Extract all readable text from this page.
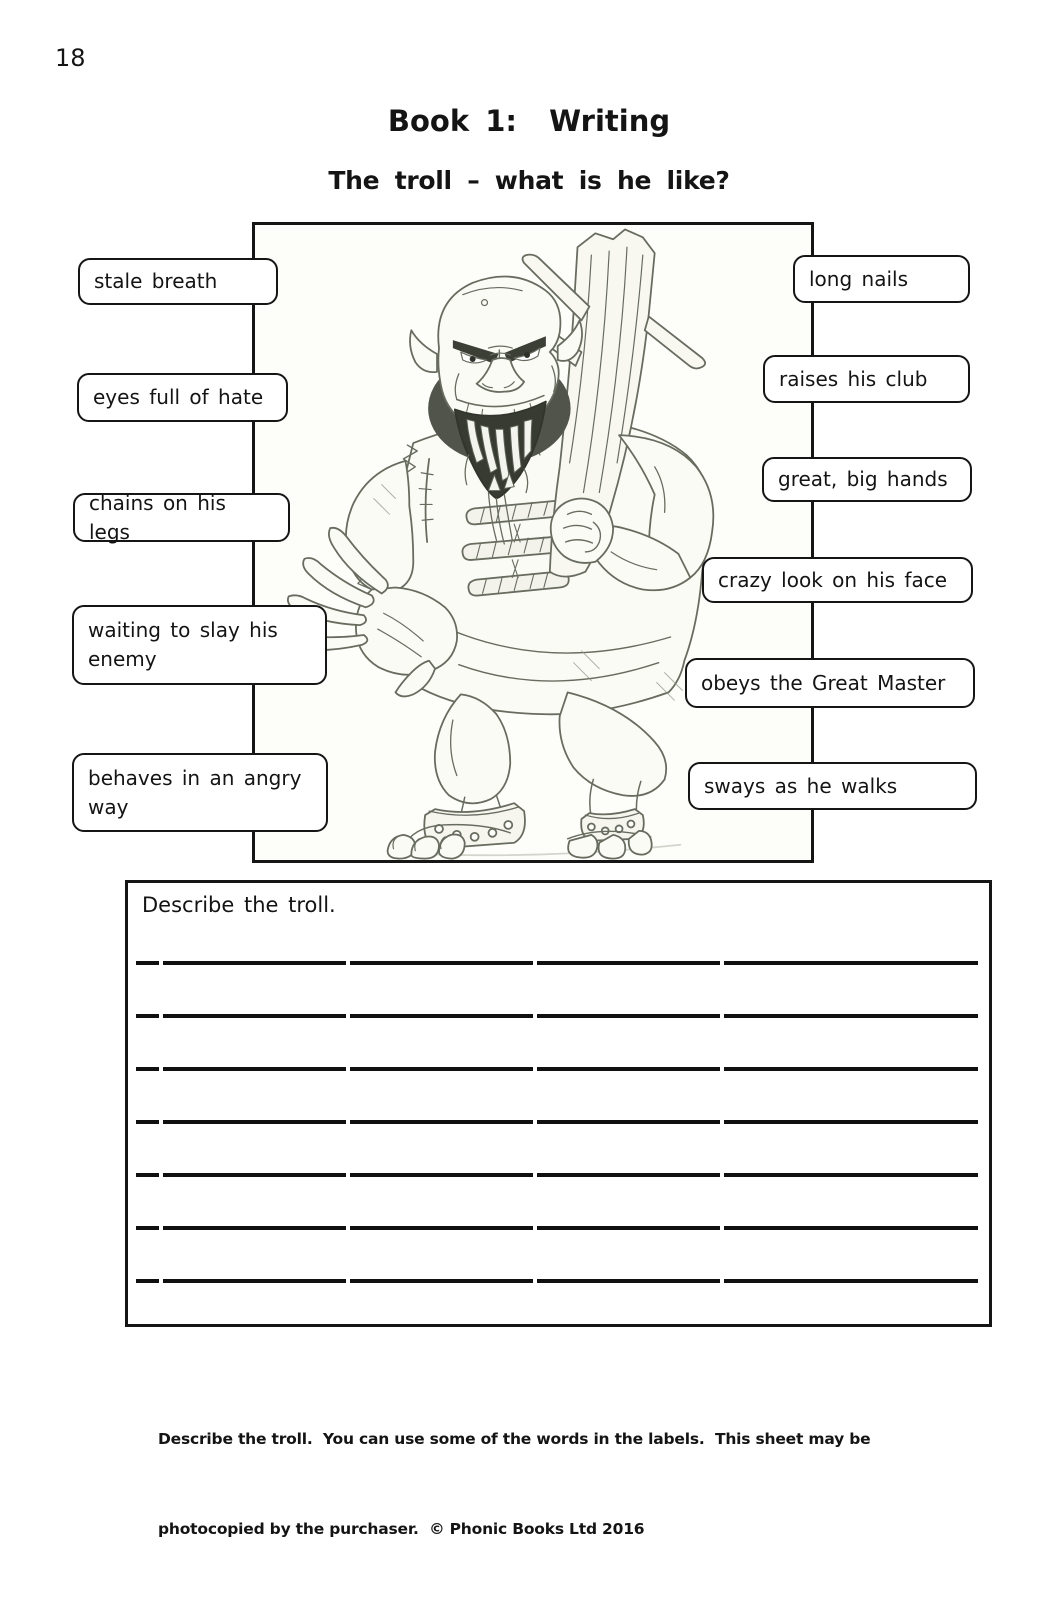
18
Book 1:  Writing
The troll – what is he like?
stale breath
eyes full of hate
chains on his legs
waiting to slay his enemy
behaves in an angry way
long nails
raises his club
great, big hands
crazy look on his face
obeys the Great Master
sways as he walks
Describe the troll.

Describe the troll.  You can use some of the words in the labels.  This sheet may be

photocopied by the purchaser.  © Phonic Books Ltd 2016
